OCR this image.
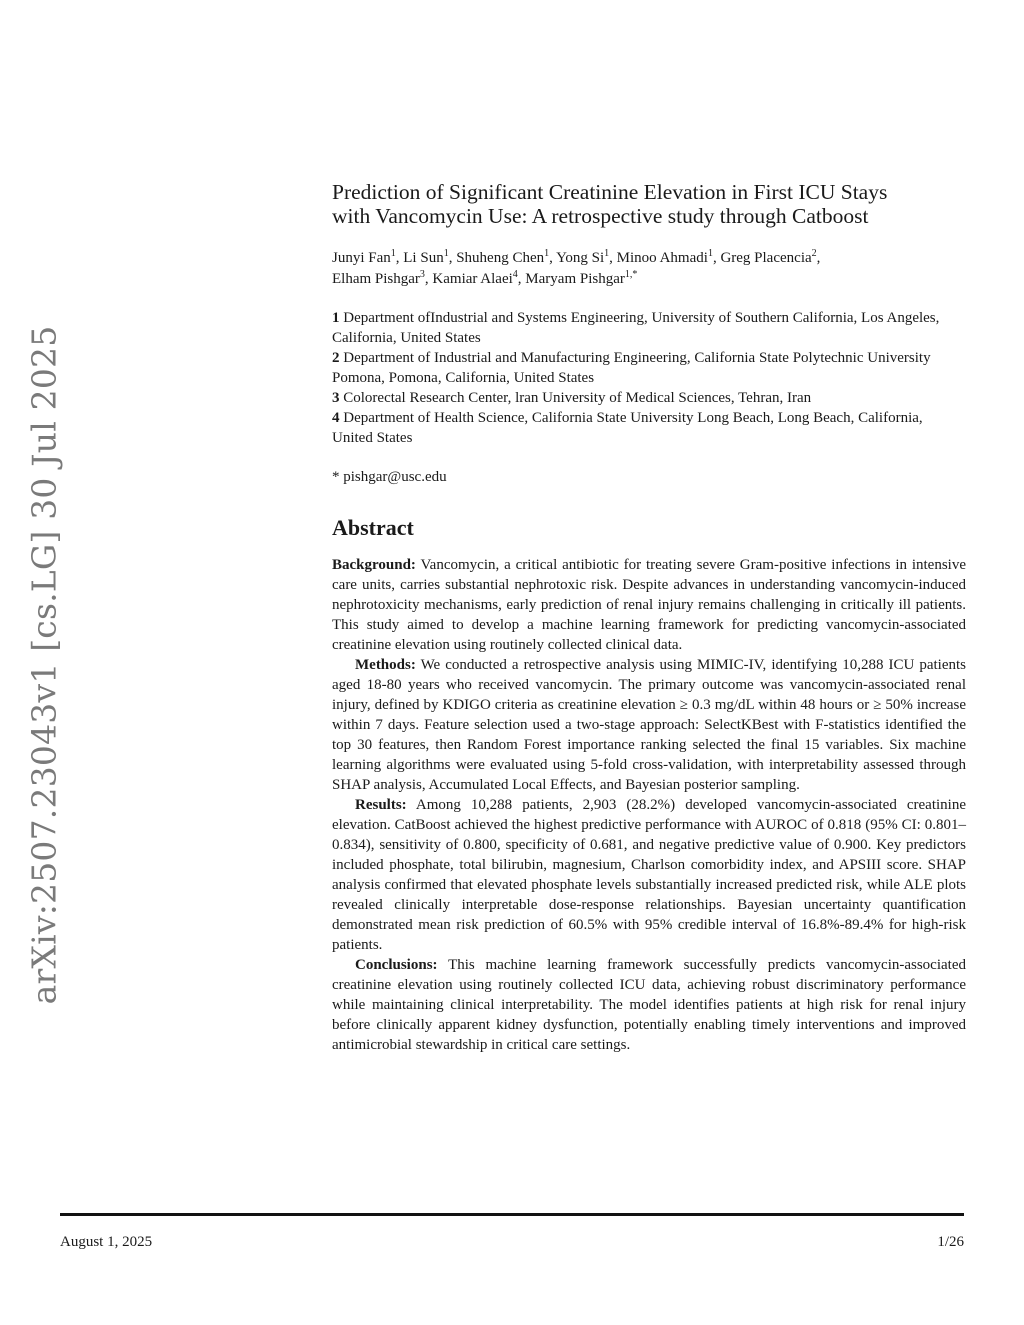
arXiv:2507.23043v1 [cs.LG] 30 Jul 2025
Prediction of Significant Creatinine Elevation in First ICU Stays
with Vancomycin Use: A retrospective study through Catboost
Junyi Fan$^1$, Li Sun$^1$, Shuheng Chen$^1$, Yong Si$^1$, Minoo Ahmadi$^1$, Greg Placencia$^2$,
Elham Pishgar$^3$, Kamiar Alaei$^4$, Maryam Pishgar$^{1,*}$
1 Department ofIndustrial and Systems Engineering, University of Southern California, Los Angeles, California, United States
2 Department of Industrial and Manufacturing Engineering, California State Polytechnic University Pomona, Pomona, California, United States
3 Colorectal Research Center, lran University of Medical Sciences, Tehran, Iran
4 Department of Health Science, California State University Long Beach, Long Beach, California, United States
* pishgar@usc.edu
Abstract

Background: Vancomycin, a critical antibiotic for treating severe Gram-positive infections in intensive care units, carries substantial nephrotoxic risk. Despite advances in understanding vancomycin-induced nephrotoxicity mechanisms, early prediction of renal injury remains challenging in critically ill patients. This study aimed to develop a machine learning framework for predicting vancomycin-associated creatinine elevation using routinely collected clinical data.

Methods: We conducted a retrospective analysis using MIMIC-IV, identifying 10,288 ICU patients aged 18-80 years who received vancomycin. The primary outcome was vancomycin-associated renal injury, defined by KDIGO criteria as creatinine elevation ≥ 0.3 mg/dL within 48 hours or ≥ 50% increase within 7 days. Feature selection used a two-stage approach: SelectKBest with F-statistics identified the top 30 features, then Random Forest importance ranking selected the final 15 variables. Six machine learning algorithms were evaluated using 5-fold cross-validation, with interpretability assessed through SHAP analysis, Accumulated Local Effects, and Bayesian posterior sampling.

Results: Among 10,288 patients, 2,903 (28.2%) developed vancomycin-associated creatinine elevation. CatBoost achieved the highest predictive performance with AUROC of 0.818 (95% CI: 0.801–0.834), sensitivity of 0.800, specificity of 0.681, and negative predictive value of 0.900. Key predictors included phosphate, total bilirubin, magnesium, Charlson comorbidity index, and APSIII score. SHAP analysis confirmed that elevated phosphate levels substantially increased predicted risk, while ALE plots revealed clinically interpretable dose-response relationships. Bayesian uncertainty quantification demonstrated mean risk prediction of 60.5% with 95% credible interval of 16.8%-89.4% for high-risk patients.

Conclusions: This machine learning framework successfully predicts vancomycin-associated creatinine elevation using routinely collected ICU data, achieving robust discriminatory performance while maintaining clinical interpretability. The model identifies patients at high risk for renal injury before clinically apparent kidney dysfunction, potentially enabling timely interventions and improved antimicrobial stewardship in critical care settings.

August 1, 2025	1/26
